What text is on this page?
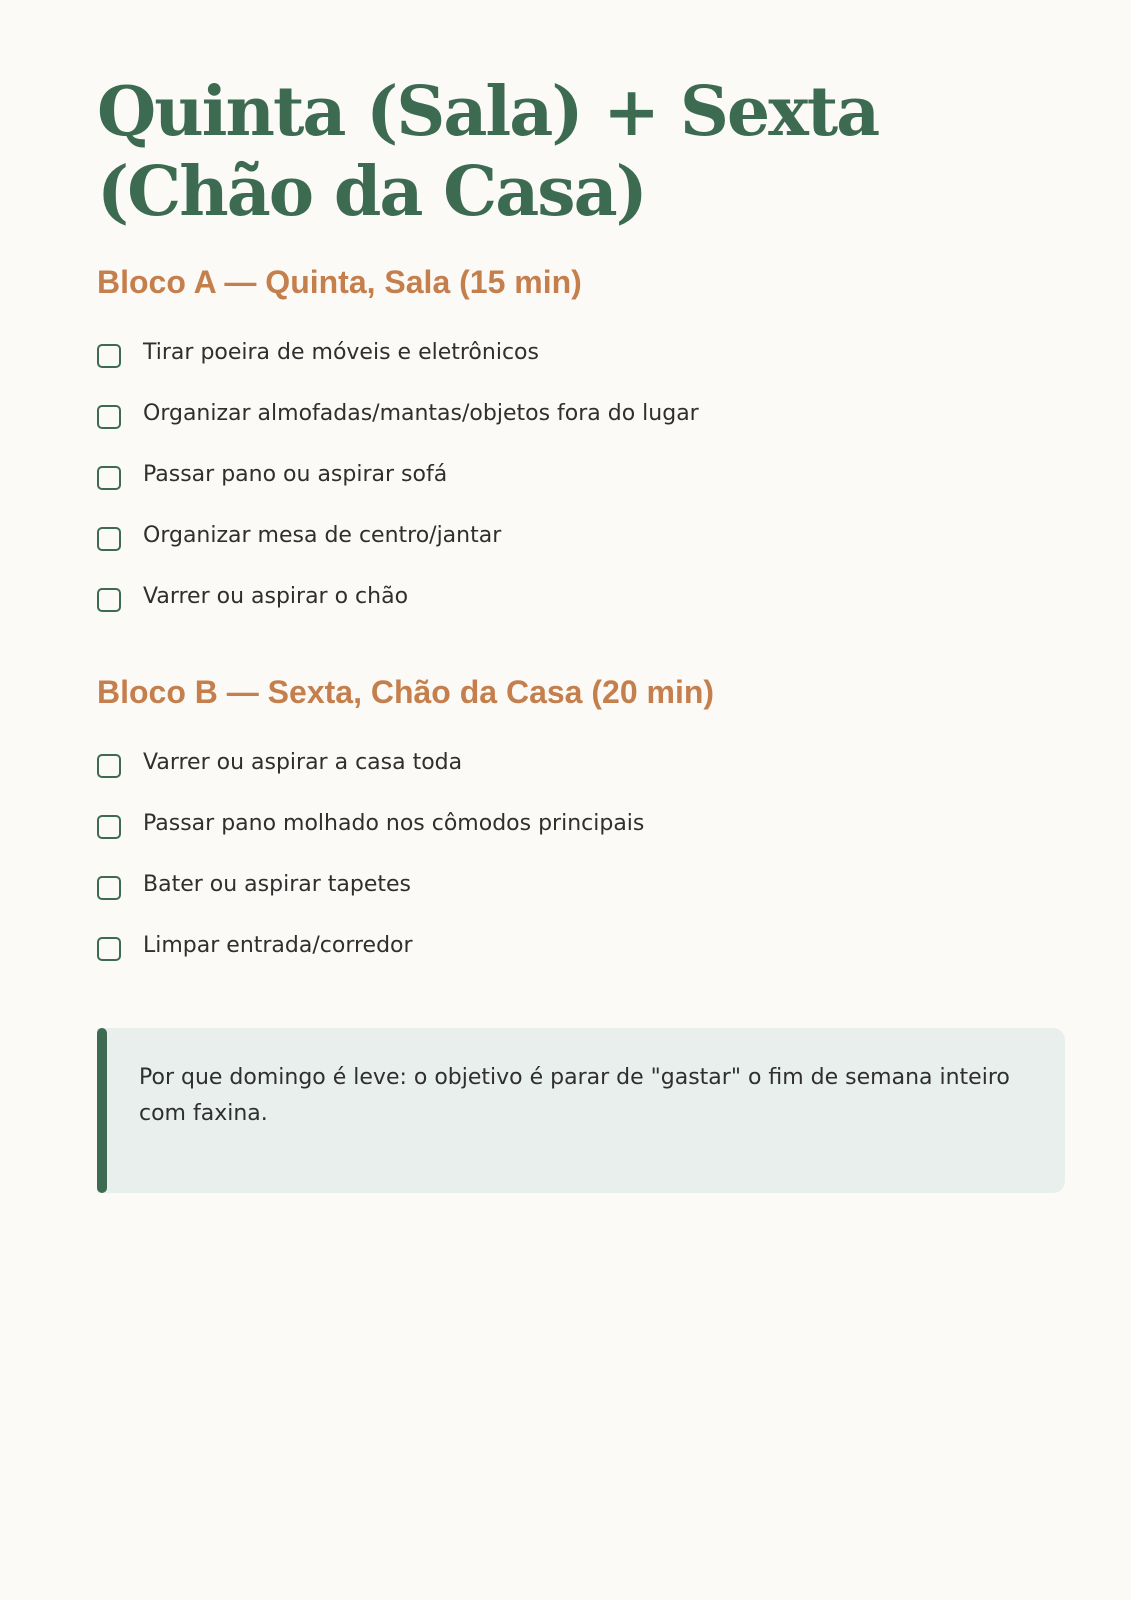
Quinta (Sala) + Sexta (Chão da Casa)
Bloco A — Quinta, Sala (15 min)
Tirar poeira de móveis e eletrônicos
Organizar almofadas/mantas/objetos fora do lugar
Passar pano ou aspirar sofá
Organizar mesa de centro/jantar
Varrer ou aspirar o chão
Bloco B — Sexta, Chão da Casa (20 min)
Varrer ou aspirar a casa toda
Passar pano molhado nos cômodos principais
Bater ou aspirar tapetes
Limpar entrada/corredor

Por que domingo é leve: o objetivo é parar de "gastar" o fim de semana inteiro com faxina.
